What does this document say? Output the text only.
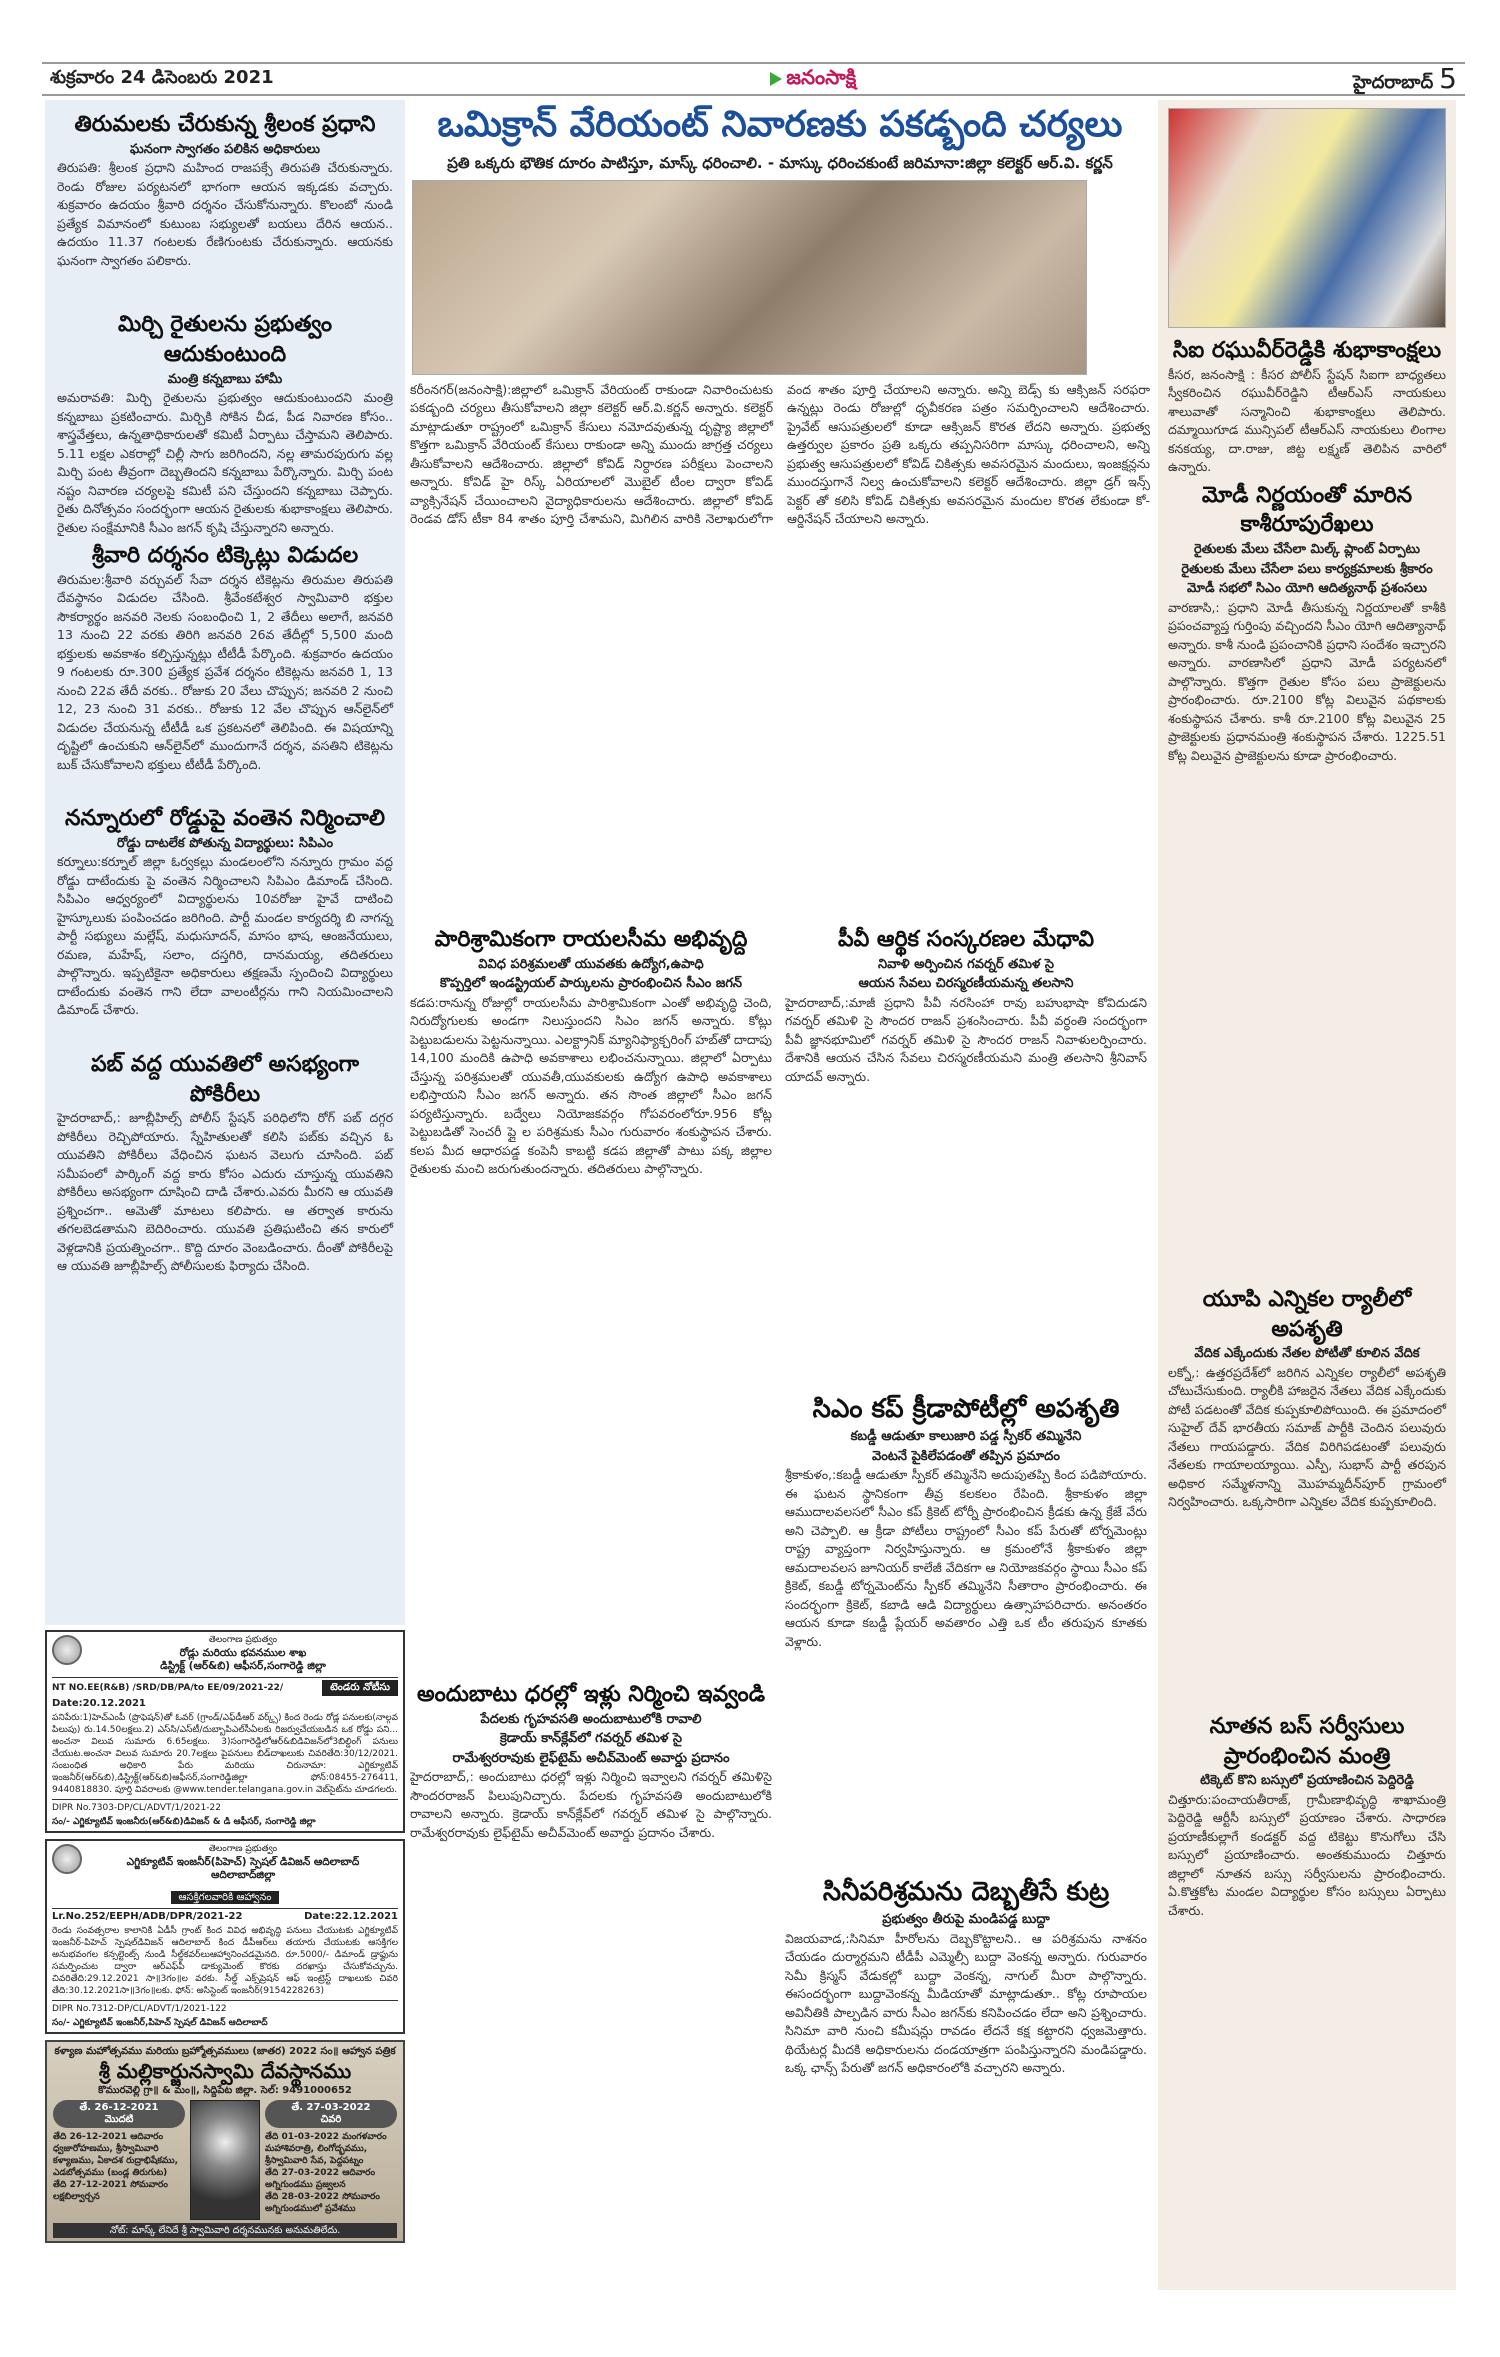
శుక్రవారం 24 డిసెంబరు 2021	జనంసాక్షి	హైదరాబాద్ 5
తిరుమలకు చేరుకున్న శ్రీలంక ప్రధాని
ఘనంగా స్వాగతం పలికిన అధికారులు

తిరుపతి: శ్రీలంక ప్రధాని మహింద రాజపక్సే తిరుపతి చేరుకున్నారు. రెండు రోజుల పర్యటనలో భాగంగా ఆయన ఇక్కడకు వచ్చారు. శుక్రవారం ఉదయం శ్రీవారి దర్శనం చేసుకోనున్నారు. కొలంబో నుండి ప్రత్యేక విమానంలో కుటుంబ సభ్యులతో బయలు దేరిన ఆయన.. ఉదయం 11.37 గంటలకు రేణిగుంటకు చేరుకున్నారు. ఆయనకు ఘనంగా స్వాగతం పలికారు.

మిర్చి రైతులను ప్రభుత్వం ఆదుకుంటుంది
మంత్రి కన్నబాబు హామీ

అమరావతి: మిర్చి రైతులను ప్రభుత్వం ఆదుకుంటుందని మంత్రి కన్నబాబు ప్రకటించారు. మిర్చికి సోకిన చీడ, పీడ నివారణ కోసం.. శాస్త్రవేత్తలు, ఉన్నతాధికారులతో కమిటీ ఏర్పాటు చేస్తామని తెలిపారు. 5.11 లక్షల ఎకరాల్లో చిల్లీ సాగు జరిగిందని, నల్ల తామరపురుగు వల్ల మిర్చి పంట తీవ్రంగా దెబ్బతిందని కన్నబాబు పేర్కొన్నారు. మిర్చి పంట నష్టం నివారణ చర్యలపై కమిటీ పని చేస్తుందని కన్నబాబు చెప్పారు. రైతు దినోత్సవం సందర్భంగా ఆయన రైతులకు శుభాకాంక్షలు తెలిపారు. రైతుల సంక్షేమానికి సీఎం జగన్ కృషి చేస్తున్నారని అన్నారు.

శ్రీవారి దర్శనం టిక్కెట్లు విడుదల

తిరుమల:శ్రీవారి వర్చువల్ సేవా దర్శన టికెట్లను తిరుమల తిరుపతి దేవస్థానం విడుదల చేసింది. శ్రీవేంకటేశ్వర స్వామివారి భక్తుల సౌకర్యార్థం జనవరి నెలకు సంబంధించి 1, 2 తేదీలు అలాగే, జనవరి 13 నుంచి 22 వరకు తిరిగి జనవరి 26వ తేదీల్లో 5,500 మంది భక్తులకు అవకాశం కల్పిస్తున్నట్లు టీటీడీ పేర్కొంది. శుక్రవారం ఉదయం 9 గంటలకు రూ.300 ప్రత్యేక ప్రవేశ దర్శనం టికెట్లను జనవరి 1, 13 నుంచి 22వ తేదీ వరకు.. రోజుకు 20 వేలు చొప్పున; జనవరి 2 నుంచి 12, 23 నుంచి 31 వరకు.. రోజుకు 12 వేల చొప్పున ఆన్‌లైన్‌లో విడుదల చేయనున్న టీటీడీ ఒక ప్రకటనలో తెలిపింది. ఈ విషయాన్ని దృష్టిలో ఉంచుకుని ఆన్‌లైన్‌లో ముందుగానే దర్శన, వసతిని టికెట్లను బుక్ చేసుకోవాలని భక్తులు టీటీడీ పేర్కొంది.

నన్నూరులో రోడ్డుపై వంతెన నిర్మించాలి
రోడ్డు దాటలేక పోతున్న విద్యార్థులు: సిపిఎం

కర్నూలు:కర్నూల్ జిల్లా ఓర్వకల్లు మండలంలోని నన్నూరు గ్రామం వద్ద రోడ్డు దాటేందుకు పై వంతెన నిర్మించాలని సిపిఎం డిమాండ్ చేసింది. సిపిఎం ఆధ్వర్యంలో విద్యార్థులను 10వరోజు హైవే దాటించి హైస్కూలుకు పంపించడం జరిగింది. పార్టీ మండల కార్యదర్శి బి నాగన్న పార్టీ సభ్యులు మల్లేష్, మధుసూదన్, మాసం భాష, ఆంజనేయులు, రమణ, మహేష్, సలాం, దస్తగిరి, దానమయ్య, తదితరులు పాల్గొన్నారు. ఇప్పటికైనా అధికారులు తక్షణమే స్పందించి విద్యార్థులు దాటేందుకు వంతెన గాని లేదా వాలంటీర్లను గాని నియమించాలని డిమాండ్ చేశారు.

పబ్ వద్ద యువతిలో అసభ్యంగా పోకిరీలు

హైదరాబాద్,: జూబ్లీహిల్స్ పోలీస్ స్టేషన్ పరిధిలోని రోగ్ పబ్ దగ్గర పోకిరీలు రెచ్చిపోయారు. స్నేహితులతో కలిసి పబ్‌కు వచ్చిన ఓ యువతిని పోకిరీలు వేధించిన ఘటన వెలుగు చూసింది. పబ్ సమీపంలో పార్కింగ్ వద్ద కారు కోసం ఎదురు చూస్తున్న యువతిని పోకిరీలు అసభ్యంగా దూషించి దాడి చేశారు.ఎవరు మీరని ఆ యువతి ప్రశ్నించగా.. ఆమెతో మాటలు కలిపారు. ఆ తర్వాత కారును తగలబెడతామని బెదిరించారు. యువతి ప్రతిఘటించి తన కారులో వెళ్లడానికి ప్రయత్నించగా.. కొద్ది దూరం వెంబడించారు. దీంతో పోకిరీలపై ఆ యువతి జూబ్లీహిల్స్ పోలీసులకు ఫిర్యాదు చేసింది.

తెలంగాణ ప్రభుత్వం
రోడ్లు మరియు భవనముల శాఖ
డిస్ట్రిక్ట్ (ఆర్&బి) ఆఫీసర్,సంగారెడ్డి జిల్లా
NT NO.EE(R&B) /SRD/DB/PA/to EE/09/2021-22/	టెండరు నోటీసు
Date:20.12.2021

పనిపేరు:1)హెచ్ఎంపీ (ప్రొఫెషన్)తో ఓవర్ (గ్రాండ్/ఎఫ్‌డీఆర్ వర్క్స్) కింద రెండు రోడ్ల పనులకు(నాల్గవ పిలుపు) రు.14.50లక్షలు.2) ఎస్‌సి/ఎస్‌టీ/దుబ్బాపిఎల్‌సీఏలకు రిజర్వుచేయబడిన ఒక రోడ్డు పని... అంచనా విలువ సుమారు 6.65లక్షలు. 3)సంగారెడ్డిలోఆర్&బిడివిజన్‌లో3బిల్డింగ్ పనులు చేయుట.అంచనా విలువ సుమారు 20.7లక్షలు పైపనులు బిడ్‌దాఖలుకు చివరితేది:30/12/2021. సంబంధిత అధికారి పేరు మరియు చిరునామా: ఎగ్జిక్యూటివ్ ఇంజనీర్(ఆర్&బి),డిస్ట్రిక్ట్(ఆర్&బి)ఆఫీసర్,సంగారెడ్డిజిల్లా ఫోన్:08455-276411, 9440818830. పూర్తి వివరాలకు @www.tender.telangana.gov.in వెబ్‌సైట్‌ను చూడగలరు.

DIPR No.7303-DP/CL/ADVT/1/2021-22
సం/- ఎగ్జిక్యూటివ్ ఇంజనీరు(ఆర్&బి)డివిజన్ & డి ఆఫీసర్, సంగారెడ్డి జిల్లా
తెలంగాణ ప్రభుత్వం
ఎగ్జిక్యూటివ్ ఇంజనీర్(పిహెచ్) స్పెషల్ డివిజన్ ఆదిలాబాద్
ఆదిలాబాద్‌జిల్లా
ఆసక్తిగలవారికి ఆహ్వానం
Lr.No.252/EEPH/ADB/DPR/2021-22	Date:22.12.2021

రెండు సంవత్సరాల కాలానికి ఏడీసీ గ్రాంట్ కింద వివిధ అభివృద్ధి పనులు చేయుటకు ఎగ్జిక్యూటివ్ ఇంజనీర్-పిహెచ్ స్పెషల్‌డివిజన్ ఆదిలాబాద్ కింద డీపీఆర్‌లు తయారు చేయుటకు ఆసక్తిగల అనుభవంగల కన్సల్టెంట్స్ నుండి సీల్డ్‌కవర్‌లుఆహ్వానించడమైనది. రూ.5000/- డిమాండ్ డ్రాఫ్టును సమర్పించుట ద్వారా ఆర్‌ఎఫ్‌పీ డాక్యుమెంట్ కొరకు దరఖాస్తు చేసుకోవచ్చును. చివరితేది:29.12.2021 సా॥3గం॥ల వరకు. సీల్డ్ ఎక్స్‌ప్రెషన్ ఆఫ్ ఇంట్రెస్ట్ దాఖలుకు చివరి తేది:30.12.2021సా॥3గం॥లకు. ఫోన్: అసిస్టెంట్ ఇంజనీర్(9154228263)

DIPR No.7312-DP/CL/ADVT/1/2021-122
సం/- ఎగ్జిక్యూటివ్ ఇంజనీర్,పిహెచ్ స్పెషల్ డివిజన్ ఆదిలాబాద్
కళ్యాణ మహోత్సవము మరియు బ్రహ్మోత్సవములు (జాతర) 2022 సం॥ ఆహ్వాన పత్రిక
శ్రీ మల్లికార్జునస్వామి దేవస్థానము
కొమురవెల్లి గ్రా॥ & మం॥, సిద్దిపేట జిల్లా. సెల్: 9491000652
తే. 26-12-2021
మొదటి
తేది 26-12-2021 ఆదివారం
ధ్వజారోహణము, శ్రీస్వామివారి కళ్యాణము, ఏకాదశ రుద్రాభిషేకము, ఎడబోత్సవము (బండ్ల తిరుగుట)
తేది 27-12-2021 సోమవారం
లక్షబిల్వార్చన
తే. 27-03-2022
చివరి
తేది 01-03-2022 మంగళవారం
మహాశివరాత్రి, లింగోద్భవము, శ్రీస్వామివారి సేవ, పెద్దపట్నం
తేది 27-03-2022 ఆదివారం
అగ్నిగుండము ప్రజ్వలన
తేది 28-03-2022 సోమవారం
అగ్నిగుండములో ప్రవేశము
నోట్: మాస్క్ లేనిదే శ్రీ స్వామివారి దర్శనమునకు అనుమతిలేదు.
ఒమిక్రాన్ వేరియంట్ నివారణకు పకడ్బంది చర్యలు
ప్రతి ఒక్కరు భౌతిక దూరం పాటిస్తూ, మాస్క్ ధరించాలి. - మాస్కు ధరించకుంటే జరిమానా:జిల్లా కలెక్టర్ ఆర్.వి. కర్ణన్

కరీంనగర్(జనంసాక్షి):జిల్లాలో ఒమిక్రాన్ వేరియంట్ రాకుండా నివారించుటకు పకడ్బంది చర్యలు తీసుకోవాలని జిల్లా కలెక్టర్ ఆర్.వి.కర్ణన్ అన్నారు. కలెక్టర్ మాట్లాడుతూ రాష్ట్రంలో ఒమిక్రాన్ కేసులు నమోదవుతున్న దృష్ట్యా జిల్లాలో కొత్తగా ఒమిక్రాన్ వేరియంట్ కేసులు రాకుండా అన్ని ముందు జాగ్రత్త చర్యలు తీసుకోవాలని ఆదేశించారు. జిల్లాలో కోవిడ్ నిర్ధారణ పరీక్షలు పెంచాలని అన్నారు. కోవిడ్ హై రిస్క్ ఏరియాలలో మొబైల్ టీంల ద్వారా కోవిడ్ వ్యాక్సినేషన్ చేయించాలని వైద్యాధికారులను ఆదేశించారు. జిల్లాలో కోవిడ్ రెండవ డోస్ టీకా 84 శాతం పూర్తి చేశామని, మిగిలిన వారికి నెలాఖరులోగా వంద శాతం పూర్తి చేయాలని అన్నారు. అన్ని బెడ్స్ కు ఆక్సిజన్ సరఫరా ఉన్నట్లు రెండు రోజుల్లో ధృవీకరణ పత్రం సమర్పించాలని ఆదేశించారు. ప్రైవేట్ ఆసుపత్రులలో కూడా ఆక్సిజన్ కొరత లేదని అన్నారు. ప్రభుత్వ ఉత్తర్వుల ప్రకారం ప్రతి ఒక్కరు తప్పనిసరిగా మాస్కు ధరించాలని, అన్ని ప్రభుత్వ ఆసుపత్రులలో కోవిడ్ చికిత్సకు అవసరమైన మందులు, ఇంజక్షన్లను ముందస్తుగానే నిల్వ ఉంచుకోవాలని కలెక్టర్ ఆదేశించారు. జిల్లా డ్రగ్ ఇన్స్ పెక్టర్ తో కలిసి కోవిడ్ చికిత్సకు అవసరమైన మందుల కొరత లేకుండా కో-ఆర్డినేషన్ చేయాలని అన్నారు.

పారిశ్రామికంగా రాయలసీమ అభివృద్ది
వివిధ పరిశ్రమలతో యువతకు ఉద్యోగ,ఉపాధి
కొప్పర్తిలో ఇండస్ట్రియల్ పార్కులను ప్రారంభించిన సీఎం జగన్

కడప:రానున్న రోజుల్లో రాయలసీమ పారిశ్రామికంగా ఎంతో అభివృద్ధి చెంది, నిరుద్యోగులకు అండగా నిలుస్తుందని సిఎం జగన్ అన్నారు. కోట్లు పెట్టుబడులను పెట్టనున్నాయి. ఎలక్ట్రానిక్ మ్యానిఫ్యాక్చరింగ్ హబ్‌తో దాదాపు 14,100 మందికి ఉపాధి అవకాశాలు లభించనున్నాయి. జిల్లాలో ఏర్పాటు చేస్తున్న పరిశ్రమలతో యువతీ,యువకులకు ఉద్యోగ ఉపాధి అవకాశాలు లభిస్తాయని సీఎం జగన్ అన్నారు. తన సొంత జిల్లాలో సీఎం జగన్ పర్యటిస్తున్నారు. బద్వేలు నియోజకవర్గం గోపవరంలోరూ.956 కోట్ల పెట్టుబడితో సెంచరీ ప్లై ల పరిశ్రమకు సీఎం గురువారం శంకుస్థాపన చేశారు. కలప మీద ఆధారపడ్డ కంపెనీ కాబట్టి కడప జిల్లాతో పాటు పక్క జిల్లాల రైతులకు మంచి జరుగుతుందన్నారు. తదితరులు పాల్గొన్నారు.

అందుబాటు ధరల్లో ఇళ్లు నిర్మించి ఇవ్వండి
పేదలకు గృహవసతి అందుబాటులోకి రావాలి
క్రెడాయ్ కాన్‌క్లేవ్‌లో గవర్నర్ తమిళ సై
రామేశ్వరరావుకు లైఫ్‌టైమ్ అచీవ్‌మెంట్ అవార్డు ప్రదానం

హైదరాబాద్,: అందుబాటు ధరల్లో ఇళ్లు నిర్మించి ఇవ్వాలని గవర్నర్ తమిళిసై సౌందరరాజన్ పిలుపునిచ్చారు. పేదలకు గృహవసతి అందుబాటులోకి రావాలని అన్నారు. క్రెడాయ్ కాన్‌క్లేవ్‌లో గవర్నర్ తమిళ సై పాల్గొన్నారు. రామేశ్వరరావుకు లైఫ్‌టైమ్ అచీవ్‌మెంట్ అవార్డు ప్రదానం చేశారు.

పీవీ ఆర్థిక సంస్కరణల మేధావి
నివాళి అర్పించిన గవర్నర్ తమిళ సై
ఆయన సేవలు చిరస్మరణీయమన్న తలసాని

హైదరాబాద్,:మాజీ ప్రధాని పీవీ నరసింహా రావు బహుభాషా కోవిదుడని గవర్నర్ తమిళి సై సౌందర రాజన్ ప్రశంసించారు. పీవీ వర్ధంతి సందర్భంగా పీవీ జ్ఞానభూమిలో గవర్నర్ తమిళి సై సౌందర రాజన్ నివాళులర్పించారు. దేశానికి ఆయన చేసిన సేవలు చిరస్మరణీయమని మంత్రి తలసాని శ్రీనివాస్ యాదవ్ అన్నారు.

సిఎం కప్ క్రీడాపోటీల్లో అపశృతి
కబడ్డీ ఆడుతూ కాలుజారి పడ్డ స్పీకర్ తమ్మినేని
వెంటనే పైకిలేపడంతో తప్పిన ప్రమాదం

శ్రీకాకుళం,:కబడ్డీ ఆడుతూ స్పీకర్ తమ్మినేని అదుపుతప్పి కింద పడిపోయారు. ఈ ఘటన స్థానికంగా తీవ్ర కలకలం రేపింది. శ్రీకాకుళం జిల్లా ఆముదాలవలసలో సీఎం కప్ క్రికెట్ టోర్నీ ప్రారంభించిన క్రీడకు ఉన్న క్రేజే వేరు అని చెప్పాలి. ఆ క్రీడా పోటీలు రాష్ట్రంలో సీఎం కప్ పేరుతో టోర్నమెంట్లు రాష్ట్ర వ్యాప్తంగా నిర్వహిస్తున్నారు. ఆ క్రమంలోనే శ్రీకాకుళం జిల్లా ఆమదాలవలస జూనియర్ కాలేజీ వేదికగా ఆ నియోజకవర్గం స్థాయి సీఎం కప్ క్రికెట్, కబడ్డీ టోర్నమెంట్‌ను స్పీకర్ తమ్మినేని సీతారాం ప్రారంభించారు. ఈ సందర్భంగా క్రికెట్, కబాడి ఆడి విద్యార్థులు ఉత్సాహపరిచారు. అనంతరం ఆయన కూడా కబడ్డీ ప్లేయర్ అవతారం ఎత్తి ఒక టీం తరుపున కూతకు వెళ్లారు.

సినీపరిశ్రమను దెబ్బతీసే కుట్ర
ప్రభుత్వం తీరుపై మండిపడ్డ బుద్దా

విజయవాడ,:సినిమా హీరోలను దెబ్బకొట్టాలని.. ఆ పరిశ్రమను నాశనం చేయడం దుర్మార్గమని టీడీపీ ఎమ్మెల్సీ బుద్దా వెంకన్న అన్నారు. గురువారం సెమీ క్రిస్మస్ వేడుకల్లో బుద్దా వెంకన్న, నాగుల్ మీరా పాల్గొన్నారు. ఈసందర్భంగా బుద్దావెంకన్న మీడియాతో మాట్లాడుతూ.. కోట్ల రూపాయల అవినీతికి పాల్పడిన వారు సీఎం జగన్‌కు కనిపించడం లేదా అని ప్రశ్నించారు. సినిమా వారి నుంచి కమీషన్లు రావడం లేదనే కక్ష కట్టారని ధ్వజమెత్తారు. థియేటర్ల మీదకి అధికారులను దండయాత్రగా పంపిస్తున్నారని మండిపడ్డారు. ఒక్క ఛాన్స్ పేరుతో జగన్ అధికారంలోకి వచ్చారని అన్నారు.

సిఐ రఘువీర్‌రెడ్డికి శుభాకాంక్షలు

కీసర, జనంసాక్షి : కీసర పోలీస్ స్టేషన్ సిఐగా బాధ్యతలు స్వీకరించిన రఘువీర్‌రెడ్డిని టీఆర్‌ఎస్ నాయకులు శాలువాతో సన్మానించి శుభాకాంక్షలు తెలిపారు. దమ్మాయిగూడ మున్సిపల్ టీఆర్‌ఎస్ నాయకులు లింగాల కనకయ్య, దా.రాజు, జిట్ట లక్ష్మణ్ తెలిపిన వారిలో ఉన్నారు.

మోడీ నిర్ణయంతో మారిన కాశీరూపురేఖలు
రైతులకు మేలు చేసేలా మిల్క్ ప్లాంట్ ఏర్పాటు
రైతులకు మేలు చేసేలా పలు కార్యక్రమాలకు శ్రీకారం
మోడీ సభలో సిఎం యోగి ఆదిత్యనాథ్ ప్రశంసలు

వారణాసి,: ప్రధాని మోడీ తీసుకున్న నిర్ణయాలతో కాశీకి ప్రపంచవ్యాప్త గుర్తింపు వచ్చిందని సీఎం యోగి ఆదిత్యానాథ్ అన్నారు. కాశీ నుండి ప్రపంచానికి ప్రధాని సందేశం ఇచ్చారని అన్నారు. వారణాసిలో ప్రధాని మోడీ పర్యటనలో పాల్గొన్నారు. కొత్తగా రైతుల కోసం పలు ప్రాజెక్టులను ప్రారంభించారు. రూ.2100 కోట్ల విలువైన పథకాలకు శంకుస్థాపన చేశారు. కాశీ రూ.2100 కోట్ల విలువైన 25 ప్రాజెక్టులకు ప్రధానమంత్రి శంకుస్థాపన చేశారు. 1225.51 కోట్ల విలువైన ప్రాజెక్టులను కూడా ప్రారంభించారు.

యూపి ఎన్నికల ర్యాలీలో అపశృతి
వేదిక ఎక్కేందుకు నేతల పోటీతో కూలిన వేదిక

లక్నో,: ఉత్తరప్రదేశ్‌లో జరిగిన ఎన్నికల ర్యాలీలో అపశృతి చోటుచేసుకుంది. ర్యాలీకి హాజరైన నేతలు వేదిక ఎక్కేందుకు పోటీ పడటంతో వేదిక కుప్పకూలిపోయింది. ఈ ప్రమాదంలో సుహైల్ దేవ్ భారతీయ సమాజ్ పార్టీకి చెందిన పలువురు నేతలు గాయపడ్డారు. వేదిక విరిగిపడటంతో పలువురు నేతలకు గాయాలయ్యాయి. ఎస్పీ, సుభాస్ పార్టీ తరపున అధికార సమ్మేళనాన్ని మొహమ్మదీన్‌పూర్ గ్రామంలో నిర్వహించారు. ఒక్కసారిగా ఎన్నికల వేదిక కుప్పకూలింది.

నూతన బస్ సర్వీసులు ప్రారంభించిన మంత్రి
టిక్కెట్ కొని బస్సులో ప్రయాణించిన పెద్దిరెడ్డి

చిత్తూరు:పంచాయతీరాజ్, గ్రామీణాభివృద్ధి శాఖామంత్రి పెద్దిరెడ్డి ఆర్టీసీ బస్సులో ప్రయాణం చేశారు. సాధారణ ప్రయాణీకుల్లాగే కండక్టర్ వద్ద టికెట్టు కొనుగోలు చేసి బస్సులో ప్రయాణించారు. అంతకుముందు చిత్తూరు జిల్లాలో నూతన బస్సు సర్వీసులను ప్రారంభించారు. ఏ.కొత్తకోట మండల విద్యార్థుల కోసం బస్సులు ఏర్పాటు చేశారు.
